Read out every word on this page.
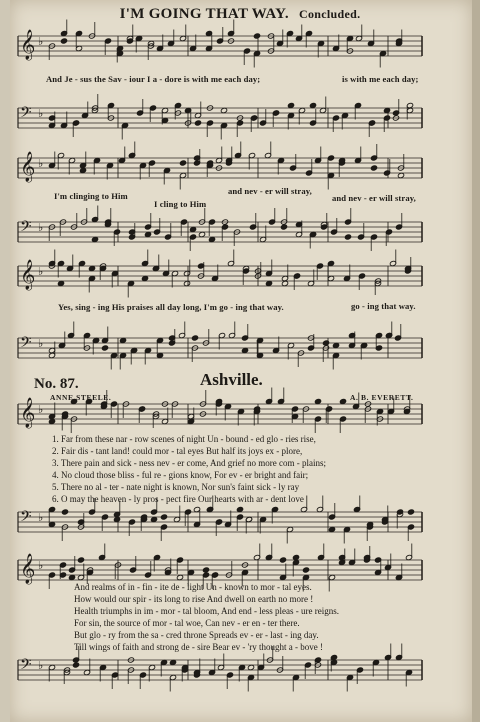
I'M GOING THAT WAY. Concluded.
𝄞 ♭
𝄢 ♭
𝄞 ♭
𝄢 ♭
𝄞 ♭
𝄢 ♭
𝄞 ♭
𝄢 ♭
𝄞 ♭
𝄢 ♭
And Je - sus the Sav - iour I a - dore is with me each day;	is with me each day;
I'm clinging to Him
I cling to Him
and nev - er will stray,
and nev - er will stray,
Yes, sing - ing His praises all day long, I'm go - ing that way.	go - ing that way.
No. 87.	Ashville.
ANNE STEELE.	A. B. EVERETT.
1. Far from these nar - row scenes of night Un - bound - ed glo - ries rise,
2. Fair dis - tant land! could mor - tal eyes But half its joys ex - plore,
3. There pain and sick - ness nev - er come, And grief no more com - plains;
4. No cloud those bliss - ful re - gions know, For ev - er bright and fair;
5. There no al - ter - nate night is known, Nor sun's faint sick - ly ray
6. O may the heaven - ly pros - pect fire Our hearts with ar - dent love
And realms of in - fin - ite de - light Un - known to mor - tal eyes.
How would our spir - its long to rise And dwell on earth no more !
Health triumphs in im - mor - tal bloom, And end - less pleas - ure reigns.
For sin, the source of mor - tal woe, Can nev - er en - ter there.
But glo - ry from the sa - cred throne Spreads ev - er - last - ing day.
Till wings of faith and strong de - sire Bear ev - 'ry thought a - bove !
